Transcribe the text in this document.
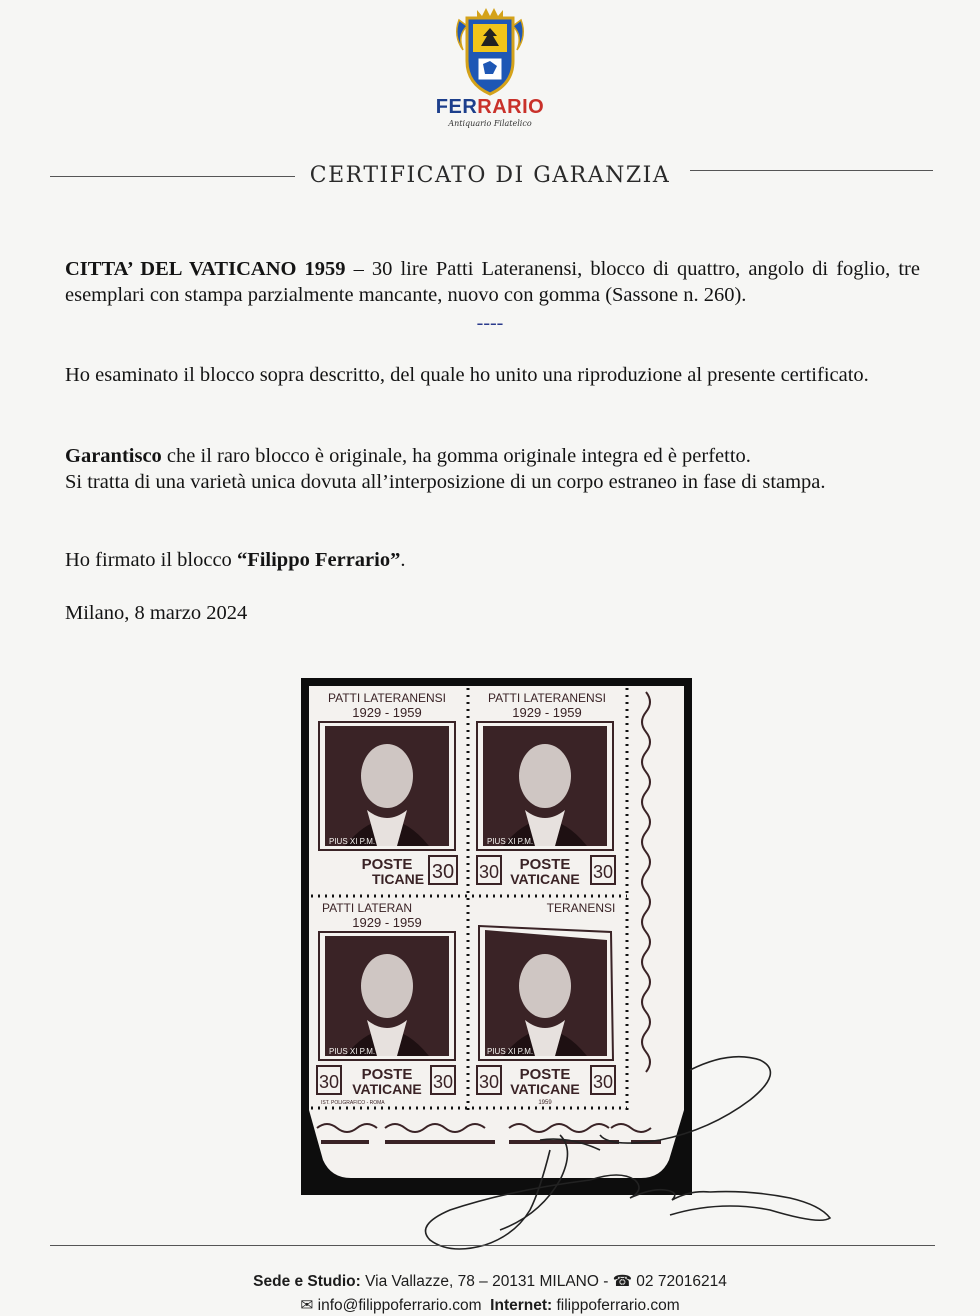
FERRARIO
Antiquario Filatelico
CERTIFICATO DI GARANZIA

CITTA’ DEL VATICANO 1959 – 30 lire Patti Lateranensi, blocco di quattro, angolo di foglio, tre esemplari con stampa parzialmente mancante, nuovo con gomma (Sassone n. 260).

----

Ho esaminato il blocco sopra descritto, del quale ho unito una riproduzione al presente certificato.

Garantisco che il raro blocco è originale, ha gomma originale integra ed è perfetto.
Si tratta di una varietà unica dovuta all’interposizione di un corpo estraneo in fase di stampa.

Ho firmato il blocco “Filippo Ferrario”.

Milano, 8 marzo 2024

PATTI LATERANENSI
1929 - 1959
PIUS XI P.M.
POSTE
TICANE 30
PATTI LATERANENSI
1929 - 1959
PIUS XI P.M.
30 POSTE
VATICANE 30
PATTI LATERAN
1929 - 1959
PIUS XI P.M.
30 POSTE
VATICANE 30
IST. POLIGRAFICO - ROMA
TERANENSI
PIUS XI P.M.
30 POSTE
VATICANE 30
1959
Sede e Studio: Via Vallazze, 78 – 20131 MILANO - ☎ 02 72016214
✉ info@filippoferrario.com Internet: filippoferrario.com
